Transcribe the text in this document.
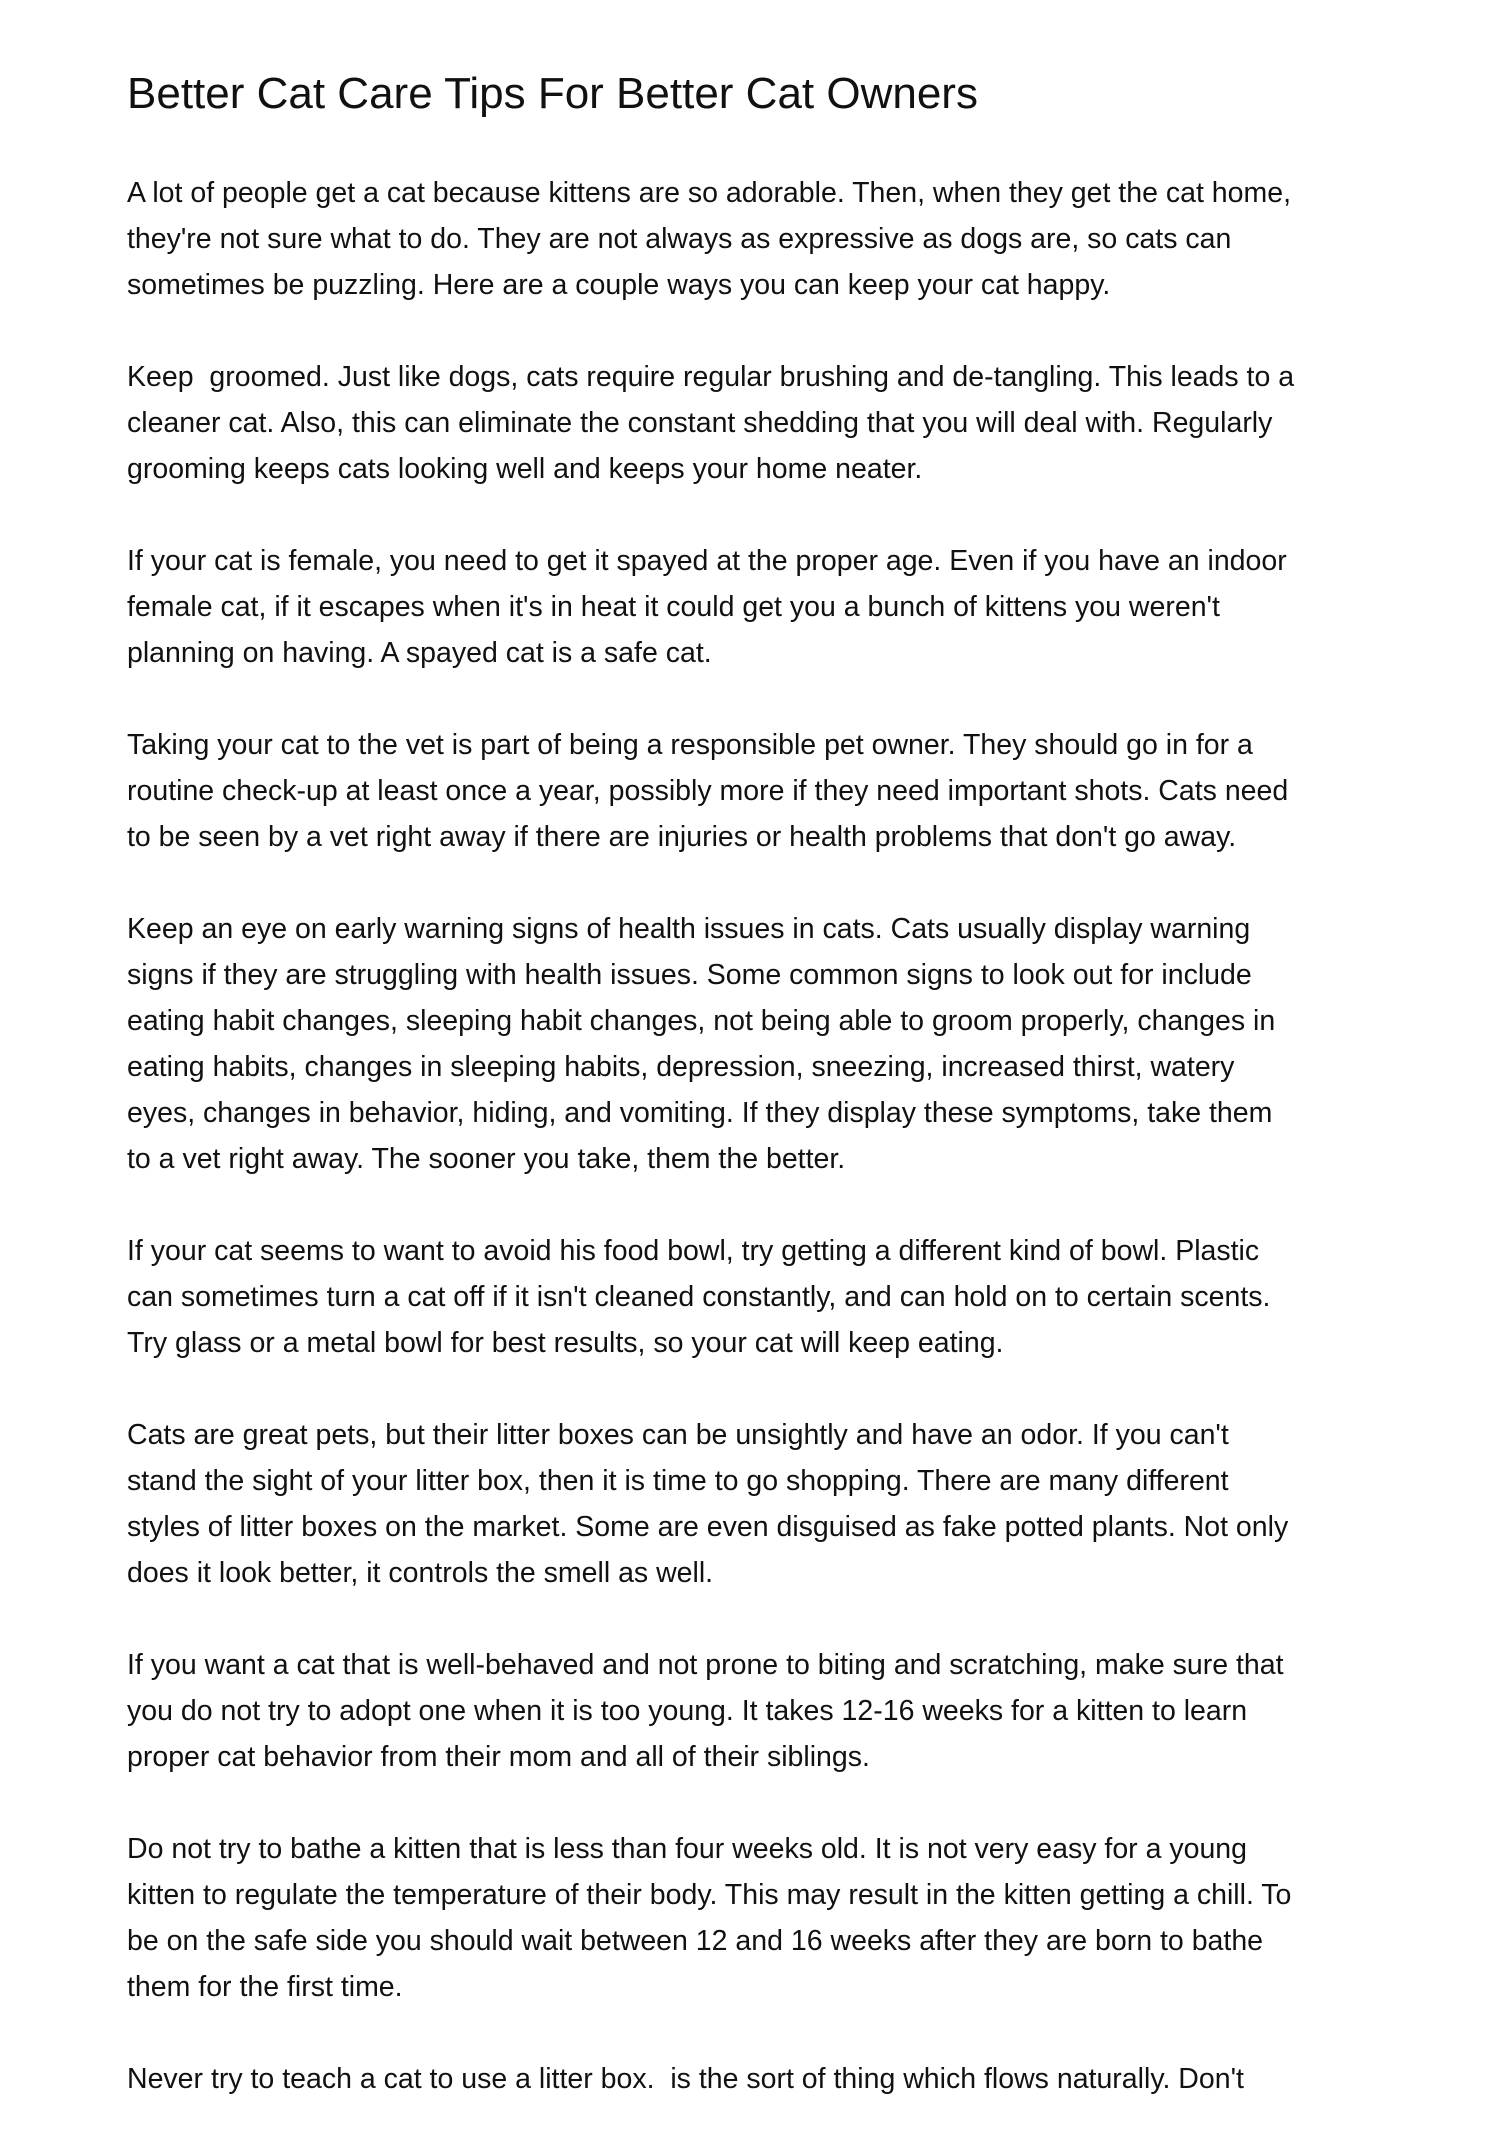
Better Cat Care Tips For Better Cat Owners

A lot of people get a cat because kittens are so adorable. Then, when they get the cat home,
they're not sure what to do. They are not always as expressive as dogs are, so cats can
sometimes be puzzling. Here are a couple ways you can keep your cat happy.

Keep  groomed. Just like dogs, cats require regular brushing and de-tangling. This leads to a
cleaner cat. Also, this can eliminate the constant shedding that you will deal with. Regularly
grooming keeps cats looking well and keeps your home neater.

If your cat is female, you need to get it spayed at the proper age. Even if you have an indoor
female cat, if it escapes when it's in heat it could get you a bunch of kittens you weren't
planning on having. A spayed cat is a safe cat.

Taking your cat to the vet is part of being a responsible pet owner. They should go in for a
routine check-up at least once a year, possibly more if they need important shots. Cats need
to be seen by a vet right away if there are injuries or health problems that don't go away.

Keep an eye on early warning signs of health issues in cats. Cats usually display warning
signs if they are struggling with health issues. Some common signs to look out for include
eating habit changes, sleeping habit changes, not being able to groom properly, changes in
eating habits, changes in sleeping habits, depression, sneezing, increased thirst, watery
eyes, changes in behavior, hiding, and vomiting. If they display these symptoms, take them
to a vet right away. The sooner you take, them the better.

If your cat seems to want to avoid his food bowl, try getting a different kind of bowl. Plastic
can sometimes turn a cat off if it isn't cleaned constantly, and can hold on to certain scents.
Try glass or a metal bowl for best results, so your cat will keep eating.

Cats are great pets, but their litter boxes can be unsightly and have an odor. If you can't
stand the sight of your litter box, then it is time to go shopping. There are many different
styles of litter boxes on the market. Some are even disguised as fake potted plants. Not only
does it look better, it controls the smell as well.

If you want a cat that is well-behaved and not prone to biting and scratching, make sure that
you do not try to adopt one when it is too young. It takes 12-16 weeks for a kitten to learn
proper cat behavior from their mom and all of their siblings.

Do not try to bathe a kitten that is less than four weeks old. It is not very easy for a young
kitten to regulate the temperature of their body. This may result in the kitten getting a chill. To
be on the safe side you should wait between 12 and 16 weeks after they are born to bathe
them for the first time.

Never try to teach a cat to use a litter box.  is the sort of thing which flows naturally. Don't
